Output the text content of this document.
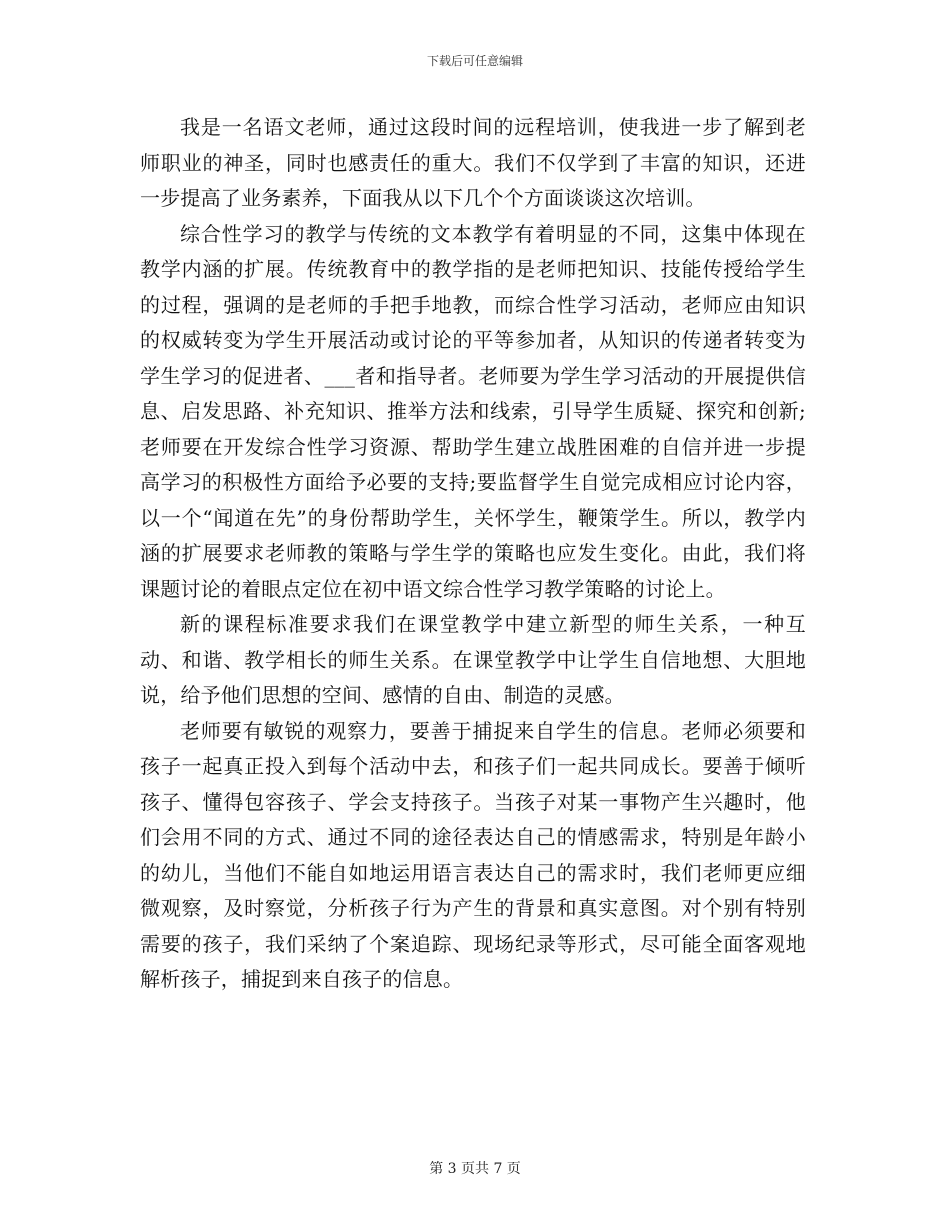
下载后可任意编辑

我是一名语文老师，通过这段时间的远程培训，使我进一步了解到老师职业的神圣，同时也感责任的重大。我们不仅学到了丰富的知识，还进一步提高了业务素养，下面我从以下几个个方面谈谈这次培训。

综合性学习的教学与传统的文本教学有着明显的不同，这集中体现在教学内涵的扩展。传统教育中的教学指的是老师把知识、技能传授给学生的过程，强调的是老师的手把手地教，而综合性学习活动，老师应由知识的权威转变为学生开展活动或讨论的平等参加者，从知识的传递者转变为学生学习的促进者、___者和指导者。老师要为学生学习活动的开展提供信息、启发思路、补充知识、推举方法和线索，引导学生质疑、探究和创新;老师要在开发综合性学习资源、帮助学生建立战胜困难的自信并进一步提高学习的积极性方面给予必要的支持;要监督学生自觉完成相应讨论内容，以一个“闻道在先”的身份帮助学生，关怀学生，鞭策学生。所以，教学内涵的扩展要求老师教的策略与学生学的策略也应发生变化。由此，我们将课题讨论的着眼点定位在初中语文综合性学习教学策略的讨论上。

新的课程标准要求我们在课堂教学中建立新型的师生关系，一种互动、和谐、教学相长的师生关系。在课堂教学中让学生自信地想、大胆地说，给予他们思想的空间、感情的自由、制造的灵感。

老师要有敏锐的观察力，要善于捕捉来自学生的信息。老师必须要和孩子一起真正投入到每个活动中去，和孩子们一起共同成长。要善于倾听孩子、懂得包容孩子、学会支持孩子。当孩子对某一事物产生兴趣时，他们会用不同的方式、通过不同的途径表达自己的情感需求，特别是年龄小的幼儿，当他们不能自如地运用语言表达自己的需求时，我们老师更应细微观察，及时察觉，分析孩子行为产生的背景和真实意图。对个别有特别需要的孩子，我们采纳了个案追踪、现场纪录等形式，尽可能全面客观地解析孩子，捕捉到来自孩子的信息。

第 3 页共 7 页
